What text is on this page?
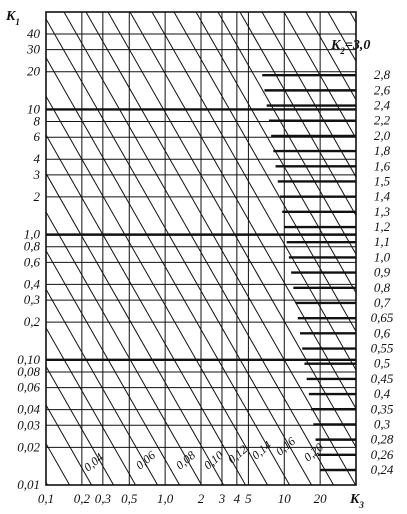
$K_1$
$K_2=3,0$
$K_3$
0,01
0,02
0,03
0,04
0,06
0,08
0,10
0,2
0,3
0,4
0,6
0,8
1,0
2
3
4
6
8
10
20
30
40
0,1 0,2 0,3 0,5 1,0 2 3 4 5 10 20
2,8
2,6
2,4
2,2
2,0
1,8
1,6
1,5
1,4
1,3
1,2
1,1
1,0
0,9
0,8
0,7
0,65
0,6
0,55
0,5
0,45
0,4
0,35
0,3
0,28
0,26
0,24
0,04 0,06 0,08 0,10
0,12
0,14
0,16 0,20
